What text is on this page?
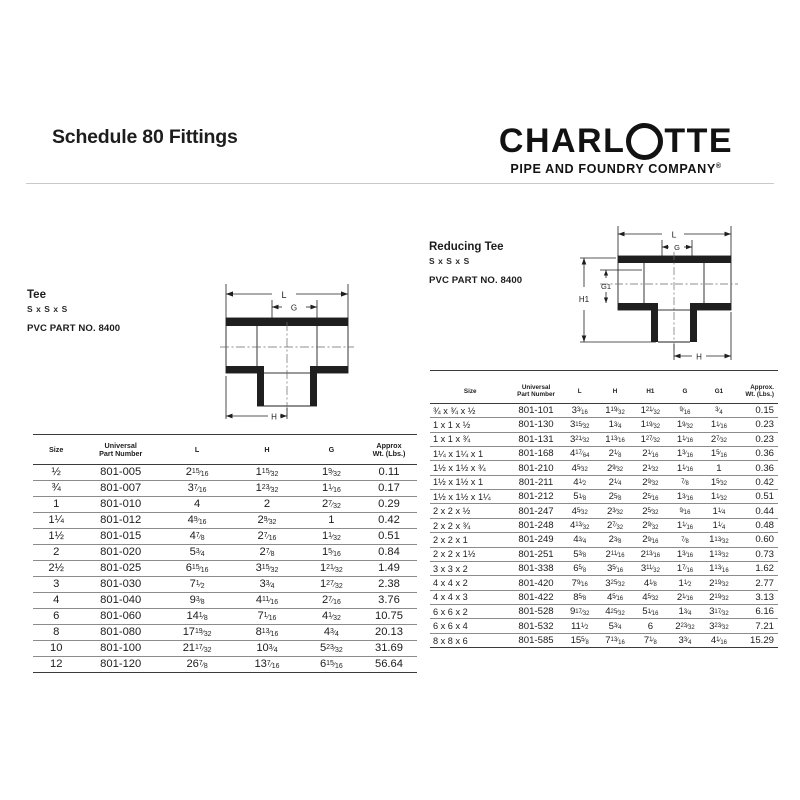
Schedule 80 Fittings	CHARL TTE
PIPE AND FOUNDRY COMPANY®
Tee
S x S x S
PVC PART NO. 8400
L
G
H
Reducing Tee
S x S x S
PVC PART NO. 8400
L
G
H1
G1
H

Size	Universal
Part Number	L	H	G	Approx
Wt. (Lbs.)

½	801-005	215⁄16	115⁄32	19⁄32	0.11
¾	801-007	37⁄16	123⁄32	11⁄16	0.17
1	801-010	4	2	27⁄32	0.29
1¼	801-012	49⁄16	29⁄32	1	0.42
1½	801-015	47⁄8	27⁄16	11⁄32	0.51
2	801-020	53⁄4	27⁄8	15⁄16	0.84
2½	801-025	615⁄16	315⁄32	121⁄32	1.49
3	801-030	71⁄2	33⁄4	127⁄32	2.38
4	801-040	93⁄8	411⁄16	27⁄16	3.76
6	801-060	141⁄8	71⁄16	41⁄32	10.75
8	801-080	1719⁄32	813⁄16	43⁄4	20.13
10	801-100	2117⁄32	103⁄4	523⁄32	31.69
12	801-120	267⁄8	137⁄16	615⁄16	56.64

Size	
Universal
Part Number
	L	H	H1	G	G1	
Approx.
Wt. (Lbs.)

¾ x ¾ x ½	801-101	33⁄16	119⁄32	121⁄32	9⁄16	3⁄4	0.15
1 x 1 x ½	801-130	315⁄32	13⁄4	119⁄32	19⁄32	11⁄16	0.23
1 x 1 x ¾	801-131	321⁄32	113⁄16	127⁄32	11⁄16	27⁄32	0.23
1¼ x 1¼ x 1	801-168	417⁄64	21⁄8	21⁄16	13⁄16	15⁄16	0.36
1½ x 1½ x ¾	801-210	45⁄32	29⁄32	21⁄32	11⁄16	1	0.36
1½ x 1½ x 1	801-211	41⁄2	21⁄4	29⁄32	7⁄8	15⁄32	0.42
1½ x 1½ x 1¼	801-212	51⁄8	25⁄8	25⁄16	13⁄16	11⁄32	0.51
2 x 2 x ½	801-247	45⁄32	23⁄32	25⁄32	9⁄16	11⁄4	0.44
2 x 2 x ¾	801-248	413⁄32	27⁄32	29⁄32	11⁄16	11⁄4	0.48
2 x 2 x 1	801-249	43⁄4	23⁄8	29⁄16	7⁄8	113⁄32	0.60
2 x 2 x 1½	801-251	53⁄8	211⁄16	213⁄16	13⁄16	113⁄32	0.73
3 x 3 x 2	801-338	65⁄8	35⁄16	311⁄32	17⁄16	113⁄16	1.62
4 x 4 x 2	801-420	79⁄16	325⁄32	41⁄8	11⁄2	219⁄32	2.77
4 x 4 x 3	801-422	85⁄8	45⁄16	45⁄32	21⁄16	219⁄32	3.13
6 x 6 x 2	801-528	917⁄32	425⁄32	51⁄16	13⁄4	317⁄32	6.16
6 x 6 x 4	801-532	111⁄2	53⁄4	6	223⁄32	323⁄32	7.21
8 x 8 x 6	801-585	155⁄8	713⁄16	71⁄8	33⁄4	41⁄16	15.29
